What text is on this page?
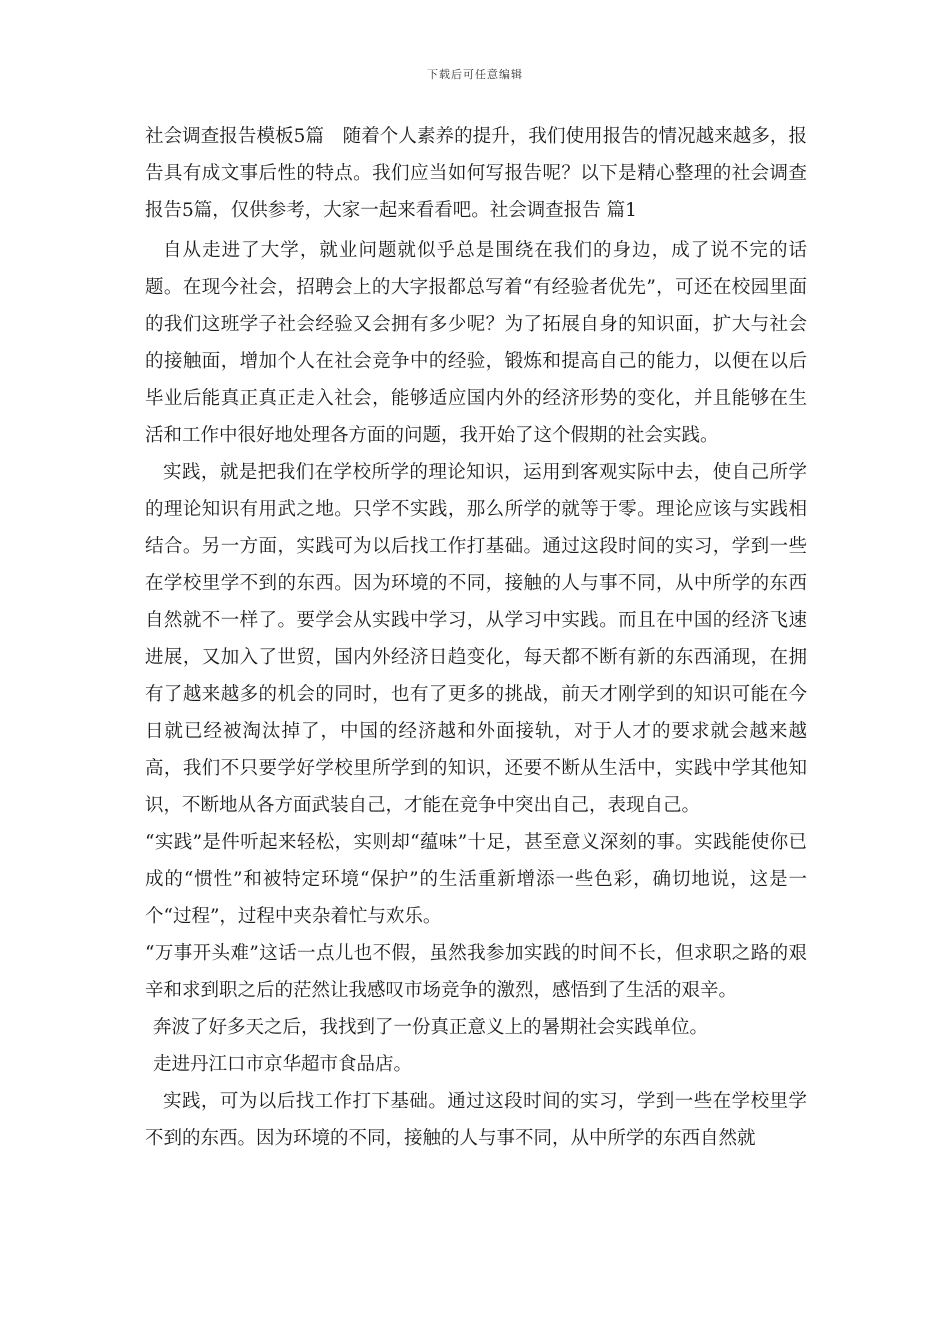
下载后可任意编辑

社会调查报告模板5篇　随着个人素养的提升，我们使用报告的情况越来越多，报告具有成文事后性的特点。我们应当如何写报告呢？以下是精心整理的社会调查报告5篇，仅供参考，大家一起来看看吧。社会调查报告 篇1

自从走进了大学，就业问题就似乎总是围绕在我们的身边，成了说不完的话题。在现今社会，招聘会上的大字报都总写着“有经验者优先”，可还在校园里面的我们这班学子社会经验又会拥有多少呢？为了拓展自身的知识面，扩大与社会的接触面，增加个人在社会竞争中的经验，锻炼和提高自己的能力，以便在以后毕业后能真正真正走入社会，能够适应国内外的经济形势的变化，并且能够在生活和工作中很好地处理各方面的问题，我开始了这个假期的社会实践。

实践，就是把我们在学校所学的理论知识，运用到客观实际中去，使自己所学的理论知识有用武之地。只学不实践，那么所学的就等于零。理论应该与实践相结合。另一方面，实践可为以后找工作打基础。通过这段时间的实习，学到一些在学校里学不到的东西。因为环境的不同，接触的人与事不同，从中所学的东西自然就不一样了。要学会从实践中学习，从学习中实践。而且在中国的经济飞速进展，又加入了世贸，国内外经济日趋变化，每天都不断有新的东西涌现，在拥有了越来越多的机会的同时，也有了更多的挑战，前天才刚学到的知识可能在今日就已经被淘汰掉了，中国的经济越和外面接轨，对于人才的要求就会越来越高，我们不只要学好学校里所学到的知识，还要不断从生活中，实践中学其他知识，不断地从各方面武装自己，才能在竞争中突出自己，表现自己。

“实践”是件听起来轻松，实则却“蕴味”十足，甚至意义深刻的事。实践能使你已成的“惯性”和被特定环境“保护”的生活重新增添一些色彩，确切地说，这是一个“过程”，过程中夹杂着忙与欢乐。

“万事开头难”这话一点儿也不假，虽然我参加实践的时间不长，但求职之路的艰辛和求到职之后的茫然让我感叹市场竞争的激烈，感悟到了生活的艰辛。

奔波了好多天之后，我找到了一份真正意义上的暑期社会实践单位。

走进丹江口市京华超市食品店。

实践，可为以后找工作打下基础。通过这段时间的实习，学到一些在学校里学不到的东西。因为环境的不同，接触的人与事不同，从中所学的东西自然就
